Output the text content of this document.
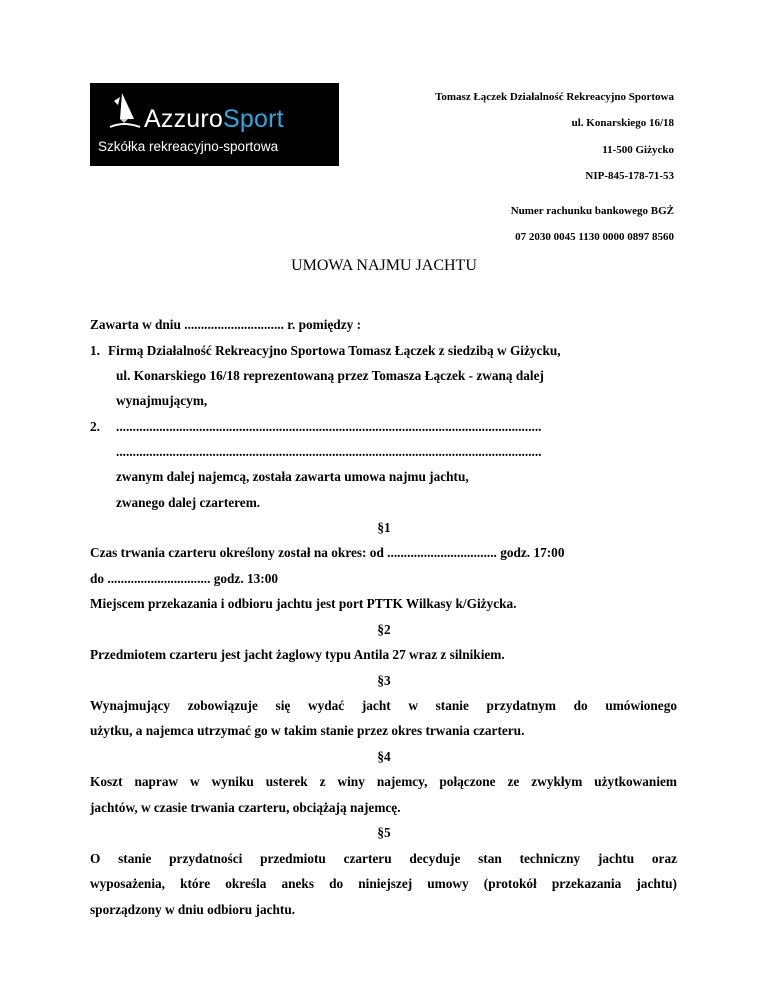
AzzuroSport
Szkółka rekreacyjno-sportowa
Tomasz Łączek Działalność Rekreacyjno Sportowa
ul. Konarskiego 16/18
11-500 Giżycko
NIP-845-178-71-53
Numer rachunku bankowego BGŻ
07 2030 0045 1130 0000 0897 8560
UMOWA NAJMU JACHTU
Zawarta w dniu .............................. r. pomiędzy :
1. Firmą Działalność Rekreacyjno Sportowa Tomasz Łączek z siedzibą w Giżycku,
ul. Konarskiego 16/18 reprezentowaną przez Tomasza Łączek - zwaną dalej
wynajmującym,
2. ................................................................................................................................
................................................................................................................................
zwanym dalej najemcą, została zawarta umowa najmu jachtu,
zwanego dalej czarterem.
§1
Czas trwania czarteru określony został na okres: od ................................. godz. 17:00
do ............................... godz. 13:00
Miejscem przekazania i odbioru jachtu jest port PTTK Wilkasy k/Giżycka.
§2
Przedmiotem czarteru jest jacht żaglowy typu Antila 27 wraz z silnikiem.
§3
Wynajmujący zobowiązuje się wydać jacht w stanie przydatnym do umówionego
użytku, a najemca utrzymać go w takim stanie przez okres trwania czarteru.
§4
Koszt napraw w wyniku usterek z winy najemcy, połączone ze zwykłym użytkowaniem
jachtów, w czasie trwania czarteru, obciążają najemcę.
§5
O stanie przydatności przedmiotu czarteru decyduje stan techniczny jachtu oraz
wyposażenia, które określa aneks do niniejszej umowy (protokół przekazania jachtu)
sporządzony w dniu odbioru jachtu.
